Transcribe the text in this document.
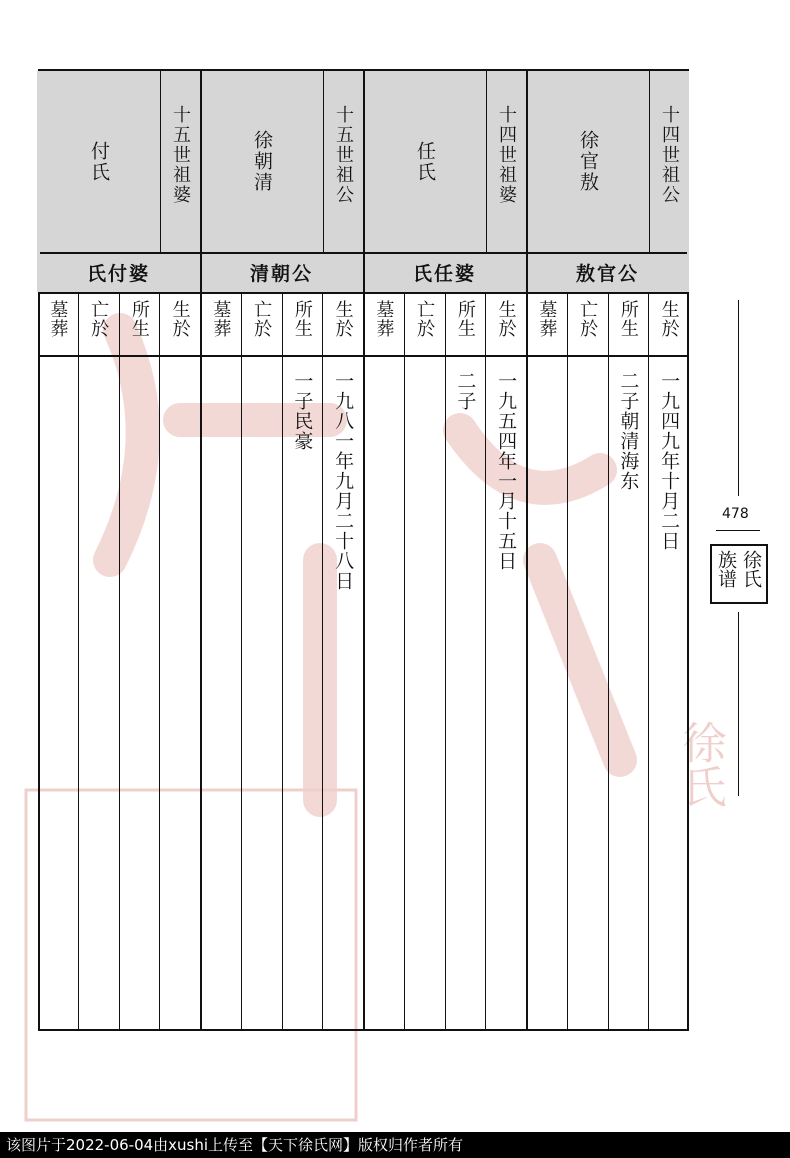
徐氏
十四世祖公
徐官敖
敖官公
生於
一九四九年十月二日
所生
二子朝清海东
亡於
墓葬
十四世祖婆
任氏
氏任婆
生於
一九五四年一月十五日
所生
二子
亡於
墓葬
十五世祖公
徐朝清
清朝公
生於
一九八一年九月二十八日
所生
一子民豪
亡於
墓葬
十五世祖婆
付氏
氏付婆
生於
所生
亡於
墓葬
478
徐氏
族谱
该图片于2022-06-04由xushi上传至【天下徐氏网】版权归作者所有
